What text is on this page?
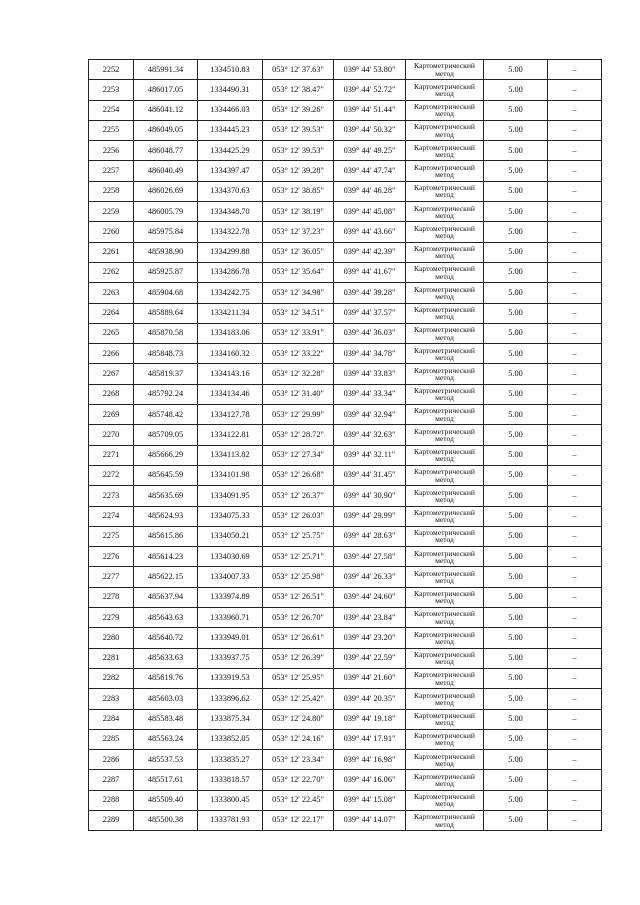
2252	485991.34	1334510.83	053° 12' 37.63"	039° 44' 53.80"	Картометрический метод	5.00	–
2253	486017.05	1334490.31	053° 12' 38.47"	039° 44' 52.72"	Картометрический метод	5.00	–
2254	486041.12	1334466.03	053° 12' 39.26"	039° 44' 51.44"	Картометрический метод	5.00	–
2255	486049.05	1334445.23	053° 12' 39.53"	039° 44' 50.32"	Картометрический метод	5.00	–
2256	486048.77	1334425.29	053° 12' 39.53"	039° 44' 49.25"	Картометрический метод	5.00	–
2257	486040.49	1334397.47	053° 12' 39.28"	039° 44' 47.74"	Картометрический метод	5.00	–
2258	486026.69	1334370.63	053° 12' 38.85"	039° 44' 46.28"	Картометрический метод	5.00	–
2259	486005.79	1334348.70	053° 12' 38.19"	039° 44' 45.08"	Картометрический метод	5.00	–
2260	485975.84	1334322.78	053° 12' 37.23"	039° 44' 43.66"	Картометрический метод	5.00	–
2261	485938.90	1334299.88	053° 12' 36.05"	039° 44' 42.39"	Картометрический метод	5.00	–
2262	485925.87	1334286.78	053° 12' 35.64"	039° 44' 41.67"	Картометрический метод	5.00	–
2263	485904.68	1334242.75	053° 12' 34.98"	039° 44' 39.28"	Картометрический метод	5.00	–
2264	485889.64	1334211.34	053° 12' 34.51"	039° 44' 37.57"	Картометрический метод	5.00	–
2265	485870.58	1334183.06	053° 12' 33.91"	039° 44' 36.03"	Картометрический метод	5.00	–
2266	485848.73	1334160.32	053° 12' 33.22"	039° 44' 34.78"	Картометрический метод	5.00	–
2267	485819.37	1334143.16	053° 12' 32.28"	039° 44' 33.83"	Картометрический метод	5.00	–
2268	485792.24	1334134.46	053° 12' 31.40"	039° 44' 33.34"	Картометрический метод	5.00	–
2269	485748.42	1334127.78	053° 12' 29.99"	039° 44' 32.94"	Картометрический метод	5.00	–
2270	485709.05	1334122.81	053° 12' 28.72"	039° 44' 32.63"	Картометрический метод	5.00	–
2271	485666.29	1334113.82	053° 12' 27.34"	039° 44' 32.11"	Картометрический метод	5.00	–
2272	485645.59	1334101.98	053° 12' 26.68"	039° 44' 31.45"	Картометрический метод	5.00	–
2273	485635.69	1334091.95	053° 12' 26.37"	039° 44' 30.90"	Картометрический метод	5.00	–
2274	485624.93	1334075.33	053° 12' 26.03"	039° 44' 29.99"	Картометрический метод	5.00	–
2275	485615.86	1334050.21	053° 12' 25.75"	039° 44' 28.63"	Картометрический метод	5.00	–
2276	485614.23	1334030.69	053° 12' 25.71"	039° 44' 27.58"	Картометрический метод	5.00	–
2277	485622.15	1334007.33	053° 12' 25.98"	039° 44' 26.33"	Картометрический метод	5.00	–
2278	485637.94	1333974.89	053° 12' 26.51"	039° 44' 24.60"	Картометрический метод	5.00	–
2279	485643.63	1333960.71	053° 12' 26.70"	039° 44' 23.84"	Картометрический метод	5.00	–
2280	485640.72	1333949.01	053° 12' 26.61"	039° 44' 23.20"	Картометрический метод	5.00	–
2281	485633.63	1333937.75	053° 12' 26.39"	039° 44' 22.59"	Картометрический метод	5.00	–
2282	485619.76	1333919.53	053° 12' 25.95"	039° 44' 21.60"	Картометрический метод	5.00	–
2283	485603.03	1333896.62	053° 12' 25.42"	039° 44' 20.35"	Картометрический метод	5.00	–
2284	485583.48	1333875.34	053° 12' 24.80"	039° 44' 19.18"	Картометрический метод	5.00	–
2285	485563.24	1333852.05	053° 12' 24.16"	039° 44' 17.91"	Картометрический метод	5.00	–
2286	485537.53	1333835.27	053° 12' 23.34"	039° 44' 16.98"	Картометрический метод	5.00	–
2287	485517.61	1333818.57	053° 12' 22.70"	039° 44' 16.06"	Картометрический метод	5.00	–
2288	485509.40	1333800.45	053° 12' 22.45"	039° 44' 15.08"	Картометрический метод	5.00	–
2289	485500.38	1333781.93	053° 12' 22.17"	039° 44' 14.07"	Картометрический метод	5.00	–
